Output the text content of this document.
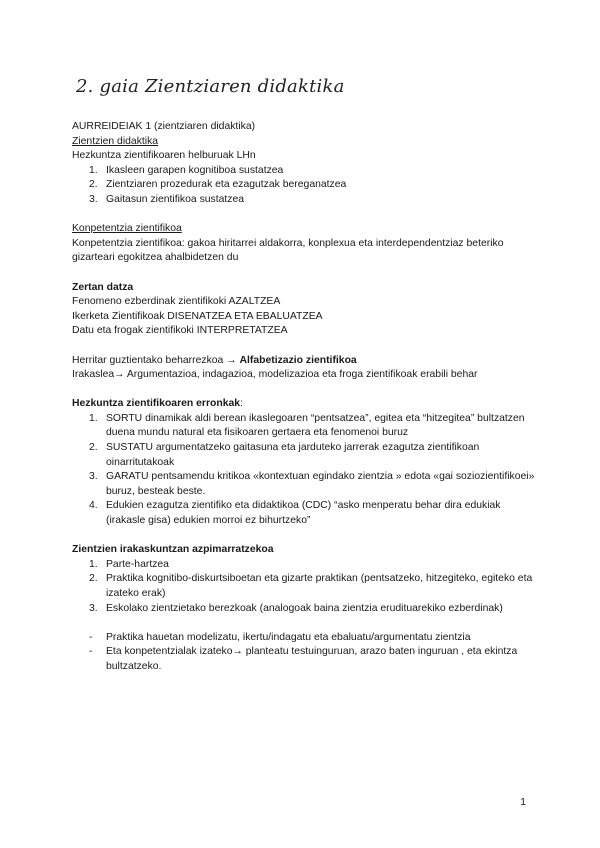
2. gaia Zientziaren didaktika
AURREIDEIAK 1 (zientziaren didaktika)
Zientzien didaktika
Hezkuntza zientifikoaren helburuak LHn
1. Ikasleen garapen kognitiboa sustatzea
2. Zientziaren prozedurak eta ezagutzak bereganatzea
3. Gaitasun zientifikoa sustatzea
Konpetentzia zientifikoa
Konpetentzia zientifikoa: gakoa hiritarrei aldakorra, konplexua eta interdependentziaz beteriko gizarteari egokitzea ahalbidetzen du
Zertan datza
Fenomeno ezberdinak zientifikoki AZALTZEA
Ikerketa Zientifikoak DISENATZEA ETA EBALUATZEA
Datu eta frogak zientifikoki INTERPRETATZEA
Herritar guztientako beharrezkoa → Alfabetizazio zientifikoa
Irakaslea→ Argumentazioa, indagazioa, modelizazioa eta froga zientifikoak erabili behar
Hezkuntza zientifikoaren erronkak:
1. SORTU dinamikak aldi berean ikaslegoaren “pentsatzea”, egitea eta “hitzegitea” bultzatzen duena mundu natural eta fisikoaren gertaera eta fenomenoi buruz
2. SUSTATU argumentatzeko gaitasuna eta jarduteko jarrerak ezagutza zientifikoan oinarritutakoak
3. GARATU pentsamendu kritikoa «kontextuan egindako zientzia » edota «gai soziozientifikoei» buruz, besteak beste.
4. Edukien ezagutza zientifiko eta didaktikoa (CDC) “asko menperatu behar dira edukiak (irakasle gisa) edukien morroi ez bihurtzeko”
Zientzien irakaskuntzan azpimarratzekoa
1. Parte-hartzea
2. Praktika kognitibo-diskurtsiboetan eta gizarte praktikan (pentsatzeko, hitzegiteko, egiteko eta izateko erak)
3. Eskolako zientzietako berezkoak (analogoak baina zientzia erudituarekiko ezberdinak)
- Praktika hauetan modelizatu, ikertu/indagatu eta ebaluatu/argumentatu zientzia
- Eta konpetentzialak izateko→ planteatu testuinguruan, arazo baten inguruan , eta ekintza bultzatzeko.
1
